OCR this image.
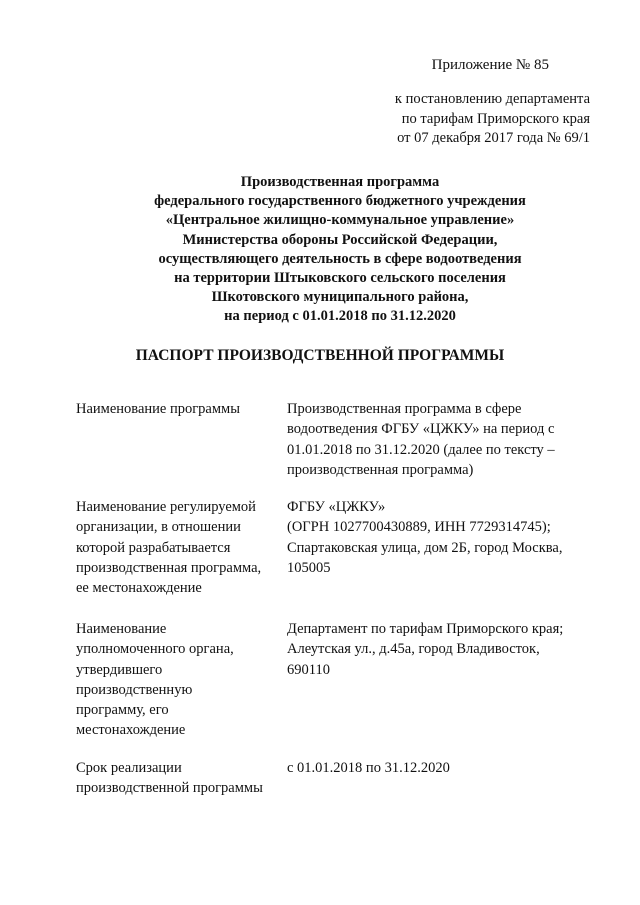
Приложение № 85
к постановлению департамента
по тарифам Приморского края
от 07 декабря 2017 года № 69/1
Производственная программа
федерального государственного бюджетного учреждения
«Центральное жилищно-коммунальное управление»
Министерства обороны Российской Федерации,
осуществляющего деятельность в сфере водоотведения
на территории Штыковского сельского поселения
Шкотовского муниципального района,
на период с 01.01.2018 по 31.12.2020
ПАСПОРТ ПРОИЗВОДСТВЕННОЙ ПРОГРАММЫ
Наименование программы	Производственная программа в сфере
водоотведения ФГБУ «ЦЖКУ» на период с
01.01.2018 по 31.12.2020 (далее по тексту –
производственная программа)
Наименование регулируемой
организации, в отношении
которой разрабатывается
производственная программа,
ее местонахождение
ФГБУ «ЦЖКУ»
(ОГРН 1027700430889, ИНН 7729314745);
Спартаковская улица, дом 2Б, город Москва,
105005
Наименование
уполномоченного органа,
утвердившего
производственную
программу, его
местонахождение
Департамент по тарифам Приморского края;
Алеутская ул., д.45а, город Владивосток,
690110
Срок реализации
производственной программы
с 01.01.2018 по 31.12.2020
